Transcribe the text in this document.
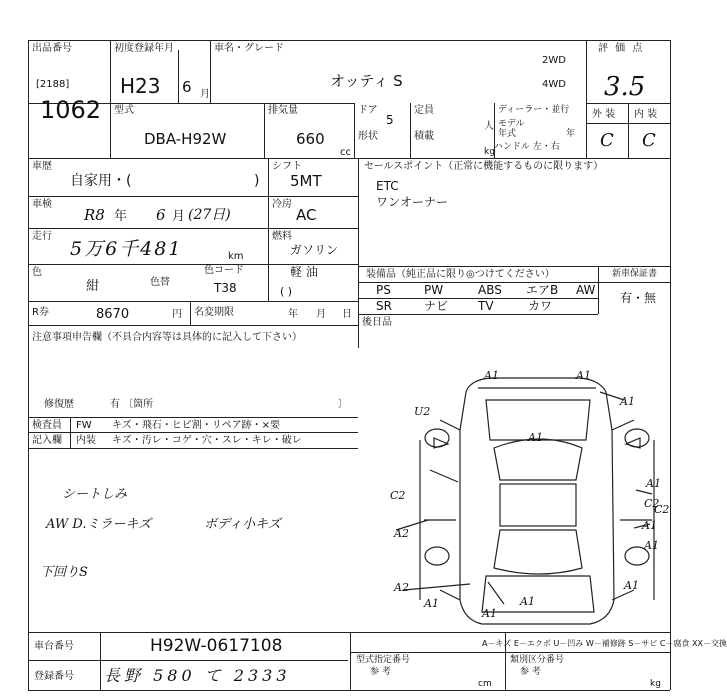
出品番号
[2188]
1062
初度登録年月
H23 6 月
車名・グレード
オッティ S
2WD
4WD
評 価 点
3.5
外 装 内 装
C C
型式
DBA-H92W
排気量
660
cc
ドア
5
定員
人
形状	積載
kg
ディーラー・並行
モデル
年式	年
ハンドル 左・右
車歴
自家用・(	)
シフト
5MT
車検
R8 年 6 月 (27日)
冷房
AC
走行
5万6千481	km
燃料
ガソリン
軽 油
( )
色
紺	色替
色コード
T38
R券	8670	円 名変期限	年 月 日
セールスポイント（正常に機能するものに限ります）
ETC
ワンオーナー
装備品（純正品に限り◎つけてください）
PS	PW	ABS エアB AW
SR	ナビ TV	カワ
新車保証書
有・無
後日品
注意事項申告欄（不具合内容等は具体的に記入して下さい）
修復歴	有 〔箇所	〕
検査員
記入欄
FW
内装
キズ・飛石・ヒビ割・リペア跡・×要
キズ・汚レ・コゲ・穴・スレ・キレ・破レ
シートしみ
AW D.ミラーキズ	ボディ小キズ
下回りS
A1	A1
A1
U2
A1
A1
C2
C2
C2
A2
A1
A1
A2
A1
A1
A1
A1
A－キズ E－エクボ U－凹み W－補修跡 S－サビ C－腐食 XX－交換
車台番号	H92W-0617108
登録番号 長野 580 て 2333
型式指定番号
参 考
類別区分番号
参 考
cm	kg
